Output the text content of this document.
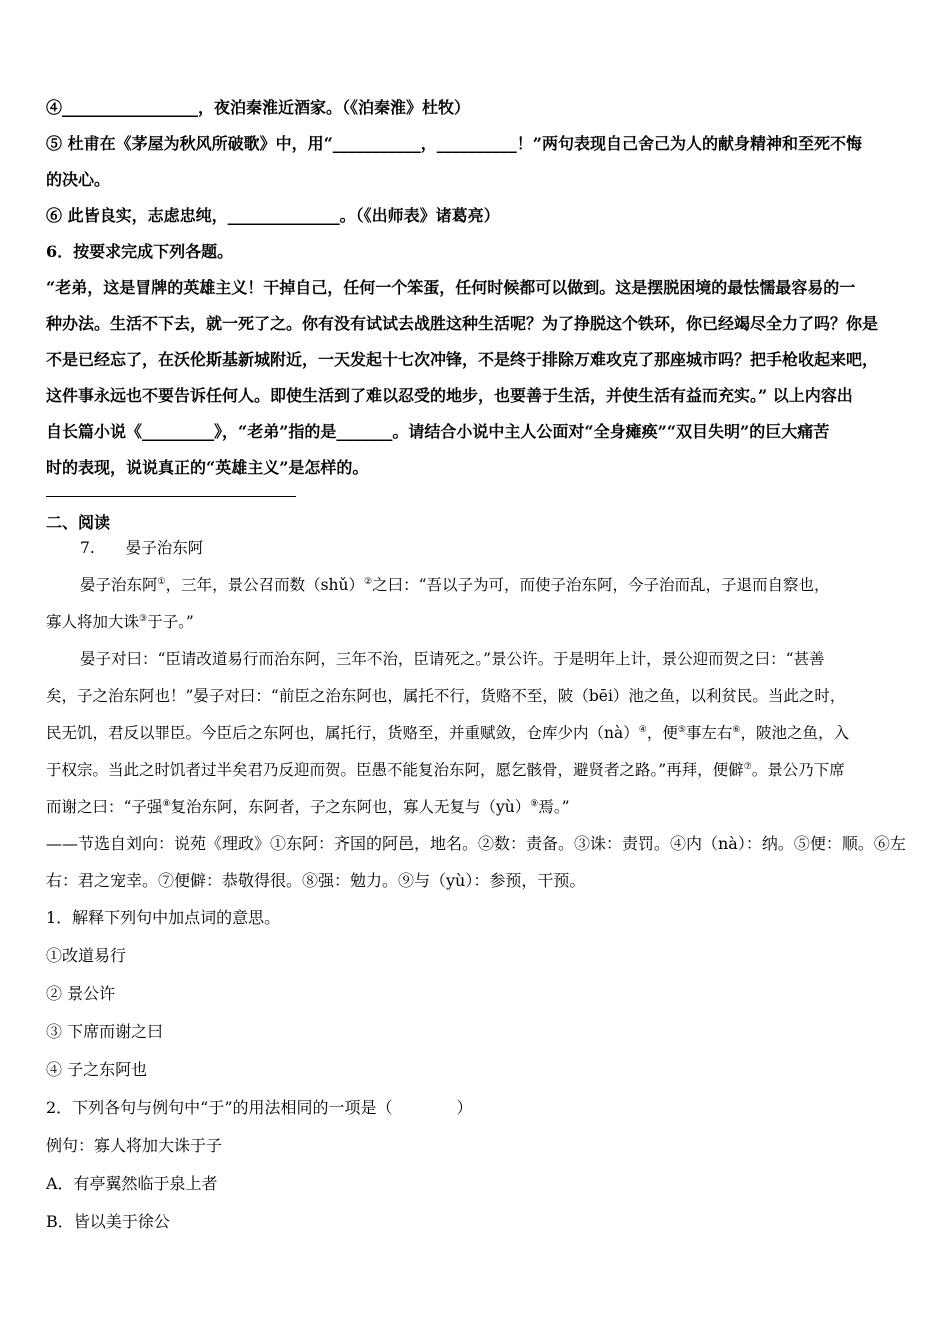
④_________________，夜泊秦淮近酒家。（《泊秦淮》杜牧）
⑤ 杜甫在《茅屋为秋风所破歌》中，用“___________，__________！”两句表现自己舍己为人的献身精神和至死不悔
的决心。
⑥ 此皆良实，志虑忠纯，______________。（《出师表》诸葛亮）
6．按要求完成下列各题。
“老弟，这是冒牌的英雄主义！干掉自己，任何一个笨蛋，任何时候都可以做到。这是摆脱困境的最怯懦最容易的一
种办法。生活不下去，就一死了之。你有没有试试去战胜这种生活呢？为了挣脱这个铁环，你已经竭尽全力了吗？你是
不是已经忘了，在沃伦斯基新城附近，一天发起十七次冲锋，不是终于排除万难攻克了那座城市吗？把手枪收起来吧，
这件事永远也不要告诉任何人。即使生活到了难以忍受的地步，也要善于生活，并使生活有益而充实。” 以上内容出
自长篇小说《_________》，“老弟”指的是_______。请结合小说中主人公面对“全身瘫痪”“双目失明”的巨大痛苦
时的表现，说说真正的“英雄主义”是怎样的。
二、阅读
7.　　晏子治东阿
晏子治东阿①，三年，景公召而数（shǔ）②之曰：“吾以子为可，而使子治东阿，今子治而乱，子退而自察也，
寡人将加大诛③于子。”
晏子对曰：“臣请改道易行而治东阿，三年不治，臣请死之。”景公许。于是明年上计，景公迎而贺之曰：“甚善
矣，子之治东阿也！”晏子对曰：“前臣之治东阿也，属托不行，货赂不至，陂（bēi）池之鱼，以利贫民。当此之时，
民无饥，君反以罪臣。今臣后之东阿也，属托行，货赂至，并重赋敛，仓库少内（nà）④，便⑤事左右⑥，陂池之鱼，入
于权宗。当此之时饥者过半矣君乃反迎而贺。臣愚不能复治东阿，愿乞骸骨，避贤者之路。”再拜，便僻⑦。景公乃下席
而谢之曰：“子强⑧复治东阿，东阿者，子之东阿也，寡人无复与（yù）⑨焉。”
——节选自刘向：说苑《理政》①东阿：齐国的阿邑，地名。②数：责备。③诛：责罚。④内（nà）：纳。⑤便：顺。⑥左
右：君之宠幸。⑦便僻：恭敬得很。⑧强：勉力。⑨与（yù）：参预，干预。
1．解释下列句中加点词的意思。
①改道易行
② 景公许
③ 下席而谢之曰
④ 子之东阿也
2．下列各句与例句中“于”的用法相同的一项是（　　　　）
例句：寡人将加大诛于子
A．有亭翼然临于泉上者
B．皆以美于徐公
